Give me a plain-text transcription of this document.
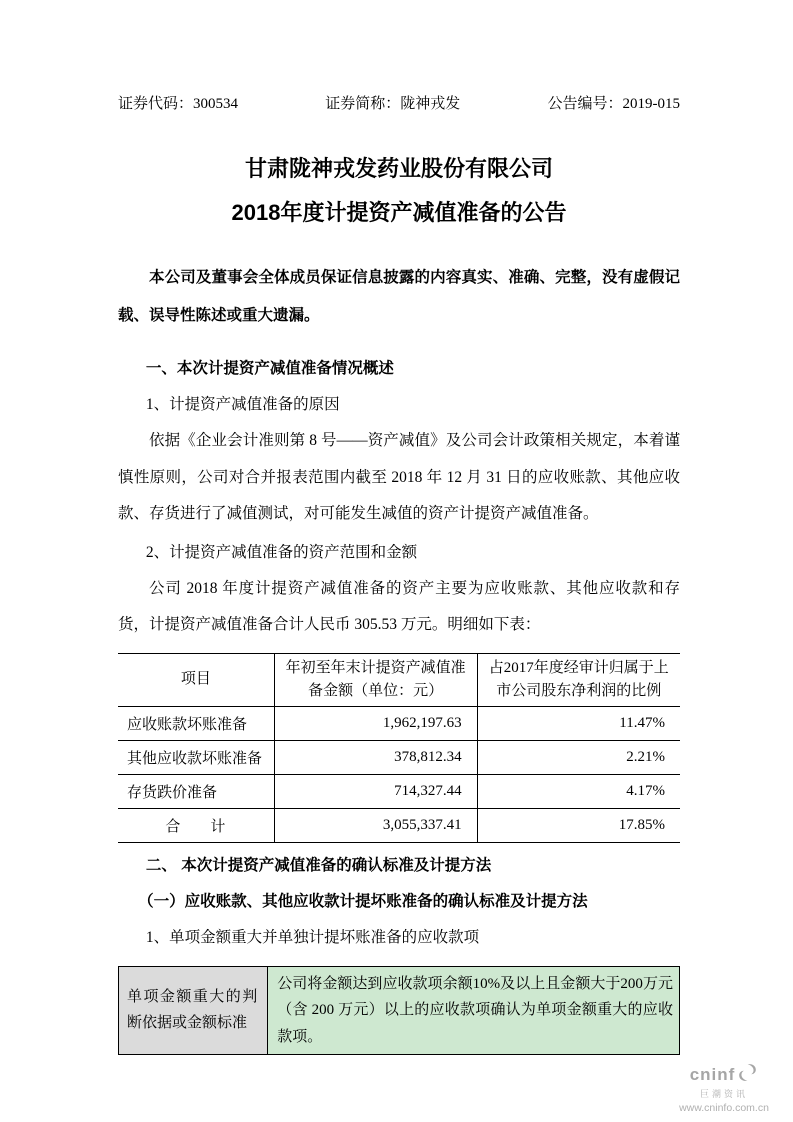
证券代码：300534	证券简称：陇神戎发	公告编号：2019-015
甘肃陇神戎发药业股份有限公司
2018年度计提资产减值准备的公告

本公司及董事会全体成员保证信息披露的内容真实、准确、完整，没有虚假记载、误导性陈述或重大遗漏。

一、本次计提资产减值准备情况概述
1、计提资产减值准备的原因

依据《企业会计准则第 8 号——资产减值》及公司会计政策相关规定，本着谨慎性原则，公司对合并报表范围内截至 2018 年 12 月 31 日的应收账款、其他应收款、存货进行了减值测试，对可能发生减值的资产计提资产减值准备。

2、计提资产减值准备的资产范围和金额

公司 2018 年度计提资产减值准备的资产主要为应收账款、其他应收款和存货，计提资产减值准备合计人民币 305.53 万元。明细如下表：

项目	年初至年末计提资产减值准备金额（单位：元）	占2017年度经审计归属于上市公司股东净利润的比例
应收账款坏账准备	1,962,197.63	11.47%
其他应收款坏账准备	378,812.34	2.21%
存货跌价准备	714,327.44	4.17%
合　　计	3,055,337.41	17.85%
二、 本次计提资产减值准备的确认标准及计提方法
（一）应收账款、其他应收款计提坏账准备的确认标准及计提方法
1、单项金额重大并单独计提坏账准备的应收款项
单项金额重大的判断依据或金额标准	公司将金额达到应收款项余额10%及以上且金额大于200万元（含 200 万元）以上的应收款项确认为单项金额重大的应收款项。
cninf
巨潮资讯
www.cninfo.com.cn
